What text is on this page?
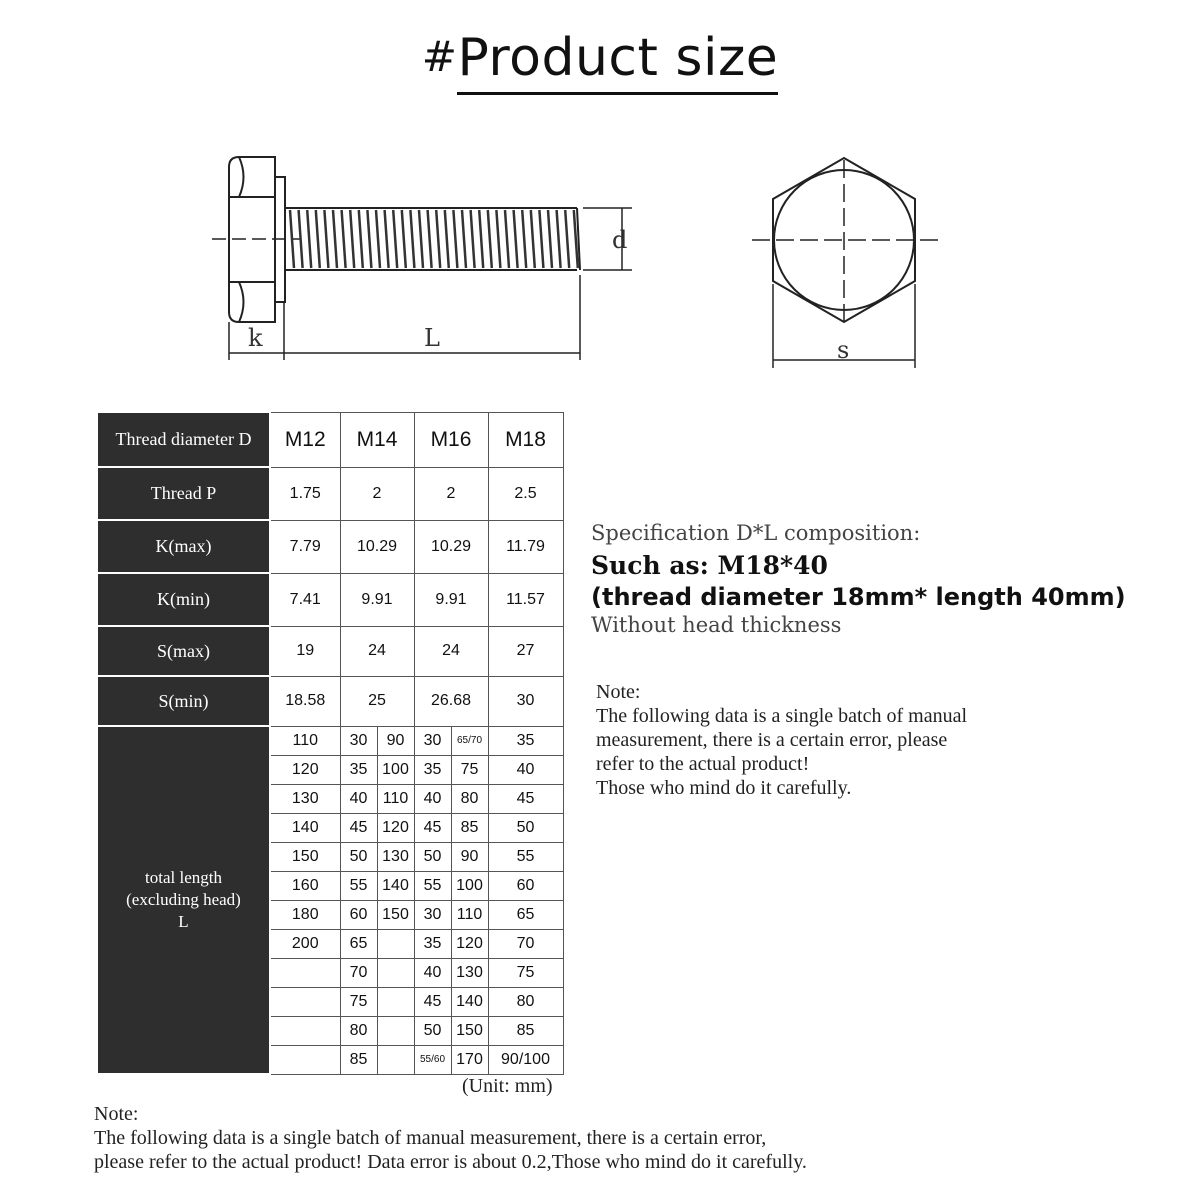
#Product size
k	L
d
s
Thread diameter D	M12	M14		M16		M18
Thread P	1.75	2		2		2.5
K(max)	7.79	10.29		10.29		11.79
K(min)	7.41	9.91		9.91		11.57
S(max)	19	24		24		27
S(min)	18.58	25		26.68		30

total length
(excluding head)
L	110	30	90	30	65/70	35
	120	35	100	35	75	40
	130	40	110	40	80	45
	140	45	120	45	85	50
	150	50	130	50	90	55
	160	55	140	55	100	60
	180	60	150	30	110	65
	200	65		35	120	70
		70		40	130	75
		75		45	140	80
		80		50	150	85
		85		55/60	170	90/100
(Unit: mm)
Specification D*L composition:
Such as: M18*40
(thread diameter 18mm* length 40mm)
Without head thickness
Note:
The following data is a single batch of manual
measurement, there is a certain error, please
refer to the actual product!
Those who mind do it carefully.
Note:
The following data is a single batch of manual measurement, there is a certain error,
please refer to the actual product! Data error is about 0.2,Those who mind do it carefully.
